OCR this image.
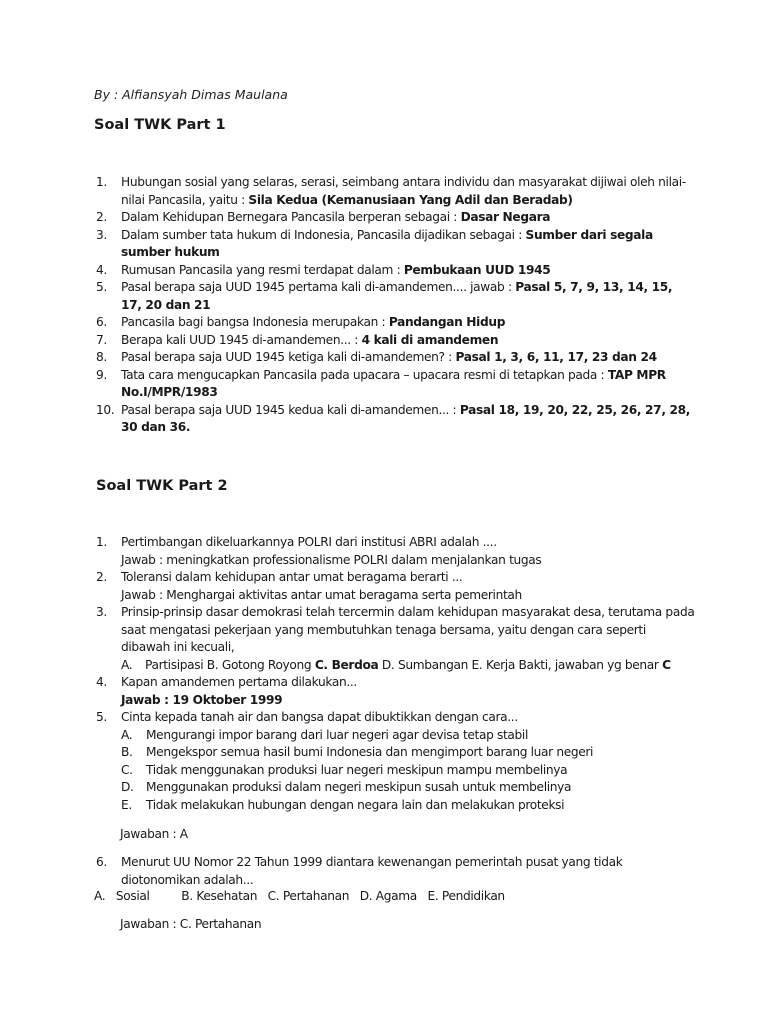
By : Alfiansyah Dimas Maulana
Soal TWK Part 1
1.	Hubungan sosial yang selaras, serasi, seimbang antara individu dan masyarakat dijiwai oleh nilai-nilai Pancasila, yaitu : Sila Kedua (Kemanusiaan Yang Adil dan Beradab)
2.	Dalam Kehidupan Bernegara Pancasila berperan sebagai : Dasar Negara
3.	Dalam sumber tata hukum di Indonesia, Pancasila dijadikan sebagai : Sumber dari segala sumber hukum
4.	Rumusan Pancasila yang resmi terdapat dalam : Pembukaan UUD 1945
5.	Pasal berapa saja UUD 1945 pertama kali di-amandemen.... jawab : Pasal 5, 7, 9, 13, 14, 15, 17, 20 dan 21
6.	Pancasila bagi bangsa Indonesia merupakan : Pandangan Hidup
7.	Berapa kali UUD 1945 di-amandemen... : 4 kali di amandemen
8.	Pasal berapa saja UUD 1945 ketiga kali di-amandemen? : Pasal 1, 3, 6, 11, 17, 23 dan 24
9.	Tata cara mengucapkan Pancasila pada upacara – upacara resmi di tetapkan pada : TAP MPR No.I/MPR/1983
10. Pasal berapa saja UUD 1945 kedua kali di-amandemen... : Pasal 18, 19, 20, 22, 25, 26, 27, 28, 30 dan 36.
Soal TWK Part 2
1.	Pertimbangan dikeluarkannya POLRI dari institusi ABRI adalah ....
Jawab : meningkatkan professionalisme POLRI dalam menjalankan tugas
2.	Toleransi dalam kehidupan antar umat beragama berarti ...
Jawab : Menghargai aktivitas antar umat beragama serta pemerintah
3.	Prinsip-prinsip dasar demokrasi telah tercermin dalam kehidupan masyarakat desa, terutama pada saat mengatasi pekerjaan yang membutuhkan tenaga bersama, yaitu dengan cara seperti dibawah ini kecuali,
A. Partisipasi B. Gotong Royong C. Berdoa D. Sumbangan E. Kerja Bakti, jawaban yg benar C
4.	Kapan amandemen pertama dilakukan...
Jawab : 19 Oktober 1999
5.	Cinta kepada tanah air dan bangsa dapat dibuktikkan dengan cara...
A. Mengurangi impor barang dari luar negeri agar devisa tetap stabil
B. Mengekspor semua hasil bumi Indonesia dan mengimport barang luar negeri
C. Tidak menggunakan produksi luar negeri meskipun mampu membelinya
D. Menggunakan produksi dalam negeri meskipun susah untuk membelinya
E. Tidak melakukan hubungan dengan negara lain dan melakukan proteksi
Jawaban : A
6.	Menurut UU Nomor 22 Tahun 1999 diantara kewenangan pemerintah pusat yang tidak diotonomikan adalah...
A.   Sosial         B. Kesehatan   C. Pertahanan   D. Agama   E. Pendidikan
Jawaban : C. Pertahanan
